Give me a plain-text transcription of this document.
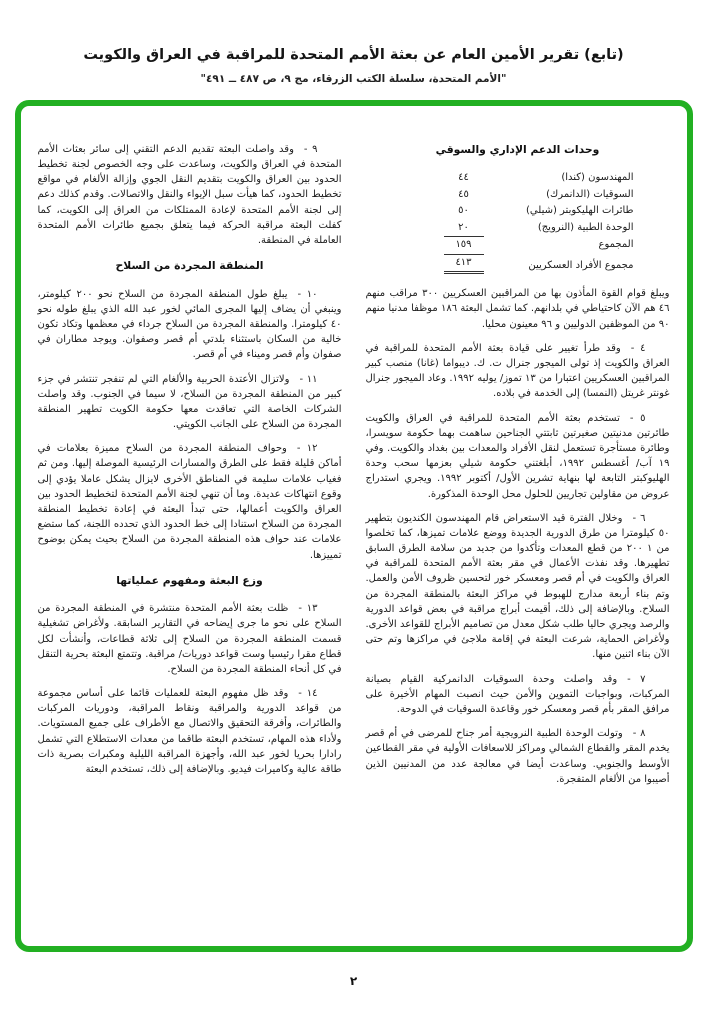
(تابع) تقرير الأمين العام عن بعثة الأمم المتحدة للمراقبة في العراق والكويت
"الأمم المتحدة، سلسلة الكتب الزرقاء، مج ٩، ص ٤٨٧ ــ ٤٩١"
وحدات الدعم الإداري والسوقي
المهندسون (كندا)
٤٤
السوقيات (الدانمرك)
٤٥
طائرات الهليكوبتر (شيلي)
٥٠
الوحدة الطبية (النرويج)
٢٠
المجموع
١٥٩
مجموع الأفراد العسكريين
٤١٣

ويبلغ قوام القوة المأذون بها من المراقبين العسكريين ٣٠٠ مراقب منهم ٤٦ هم الآن كاحتياطي في بلدانهم. كما تشمل البعثة ١٨٦ موظفا مدنيا منهم ٩٠ من الموظفين الدوليين و ٩٦ معينون محليا.

٤ - وقد طرأ تغيير على قيادة بعثة الأمم المتحدة للمراقبة في العراق والكويت إذ تولى الميجور جنرال ت. ك. ديبواما (غانا) منصب كبير المراقبين العسكريين اعتبارا من ١٣ تموز/ يوليه ١٩٩٢. وعاد الميجور جنرال غونتر غريتل (النمسا) إلى الخدمة في بلاده.

٥ - تستخدم بعثة الأمم المتحدة للمراقبة في العراق والكويت طائرتين مدنيتين صغيرتين ثابتتي الجناحين ساهمت بهما حكومة سويسرا، وطائرة مستأجرة تستعمل لنقل الأفراد والمعدات بين بغداد والكويت. وفي ١٩ آب/ أغسطس ١٩٩٢، أبلغتني حكومة شيلي بعزمها سحب وحدة الهليوكبتر التابعة لها بنهاية تشرين الأول/ أكتوبر ١٩٩٢. ويجري استدراج عروض من مقاولين تجاريين للحلول محل الوحدة المذكورة.

٦ - وخلال الفترة قيد الاستعراض قام المهندسون الكنديون بتطهير ٥٠ كيلومترا من طرق الدورية الجديدة ووضع علامات تميزها، كما تخلصوا من ١ ٢٠٠ من قطع المعدات وتأكدوا من جديد من سلامة الطرق السابق تطهيرها. وقد نفذت الأعمال في مقر بعثة الأمم المتحدة للمراقبة في العراق والكويت في أم قصر ومعسكر خور لتحسين ظروف الأمن والعمل. وتم بناء أربعة مدارج للهبوط في مراكز البعثة بالمنطقة المجردة من السلاح. وبالإضافة إلى ذلك، أقيمت أبراج مراقبة في بعض قواعد الدورية والرصد ويجري حاليا طلب شكل معدل من تصاميم الأبراج للقواعد الأخرى. ولأغراض الحماية، شرعت البعثة في إقامة ملاجئ في مراكزها وتم حتى الآن بناء اثنين منها.

٧ - وقد واصلت وحدة السوقيات الدانمركية القيام بصيانة المركبات، وبواجبات التموين والأمن حيث انصبت المهام الأخيرة على مرافق المقر بأم قصر ومعسكر خور وقاعدة السوقيات في الدوحة.

٨ - وتولت الوحدة الطبية النرويجية أمر جناح للمرضى في أم قصر يخدم المقر والقطاع الشمالي ومراكز للاسعافات الأولية في مقر القطاعين الأوسط والجنوبي. وساعدت أيضا في معالجة عدد من المدنيين الذين أصيبوا من الألغام المتفجرة.

٩ - وقد واصلت البعثة تقديم الدعم التقني إلى سائر بعثات الأمم المتحدة في العراق والكويت، وساعدت على وجه الخصوص لجنة تخطيط الحدود بين العراق والكويت بتقديم النقل الجوي وإزالة الألغام في مواقع تخطيط الحدود، كما هيأت سبل الإيواء والنقل والاتصالات. وقدم كذلك دعم إلى لجنة الأمم المتحدة لإعادة الممتلكات من العراق إلى الكويت، كما كفلت البعثة مراقبة الحركة فيما يتعلق بجميع طائرات الأمم المتحدة العاملة في المنطقة.

المنطقة المجردة من السلاح

١٠ - يبلغ طول المنطقة المجردة من السلاح نحو ٢٠٠ كيلومتر، وينبغي أن يضاف إليها المجرى المائي لخور عبد الله الذي يبلغ طوله نحو ٤٠ كيلومترا. والمنطقة المجردة من السلاح جرداء في معظمها وتكاد تكون خالية من السكان باستثناء بلدتي أم قصر وصفوان. ويوجد مطاران في صفوان وأم قصر وميناء في أم قصر.

١١ - ولاتزال الأعتدة الحربية والألغام التي لم تنفجر تنتشر في جزء كبير من المنطقة المجردة من السلاح، لا سيما في الجنوب. وقد واصلت الشركات الخاصة التي تعاقدت معها حكومة الكويت تطهير المنطقة المجردة من السلاح على الجانب الكويتي.

١٢ - وحواف المنطقة المجردة من السلاح مميزة بعلامات في أماكن قليلة فقط على الطرق والمسارات الرئيسية الموصلة إليها. ومن ثم فغياب علامات سليمة في المناطق الأخرى لايزال يشكل عاملا يؤدي إلى وقوع انتهاكات عديدة. وما أن تنهي لجنة الأمم المتحدة لتخطيط الحدود بين العراق والكويت أعمالها، حتى تبدأ البعثة في إعادة تخطيط المنطقة المجردة من السلاح استنادا إلى خط الحدود الذي تحدده اللجنة، كما ستضع علامات عند حواف هذه المنطقة المجردة من السلاح بحيث يمكن بوضوح تمييزها.

وزع البعثة ومفهوم عملياتها

١٣ - ظلت بعثة الأمم المتحدة منتشرة في المنطقة المجردة من السلاح على نحو ما جرى إيضاحه في التقارير السابقة. ولأغراض تشغيلية قسمت المنطقة المجردة من السلاح إلى ثلاثة قطاعات، وأنشأت لكل قطاع مقرا رئيسيا وست قواعد دوريات/ مراقبة. وتتمتع البعثة بحرية التنقل في كل أنحاء المنطقة المجردة من السلاح.

١٤ - وقد ظل مفهوم البعثة للعمليات قائما على أساس مجموعة من قواعد الدورية والمراقبة ونقاط المراقبة، ودوريات المركبات والطائرات، وأفرقة التحقيق والاتصال مع الأطراف على جميع المستويات. ولأداء هذه المهام، تستخدم البعثة طاقما من معدات الاستطلاع التي تشمل رادارا بحريا لخور عبد الله، وأجهزة المراقبة الليلية ومكبرات بصرية ذات طاقة عالية وكاميرات فيديو. وبالإضافة إلى ذلك، تستخدم البعثة

٢
